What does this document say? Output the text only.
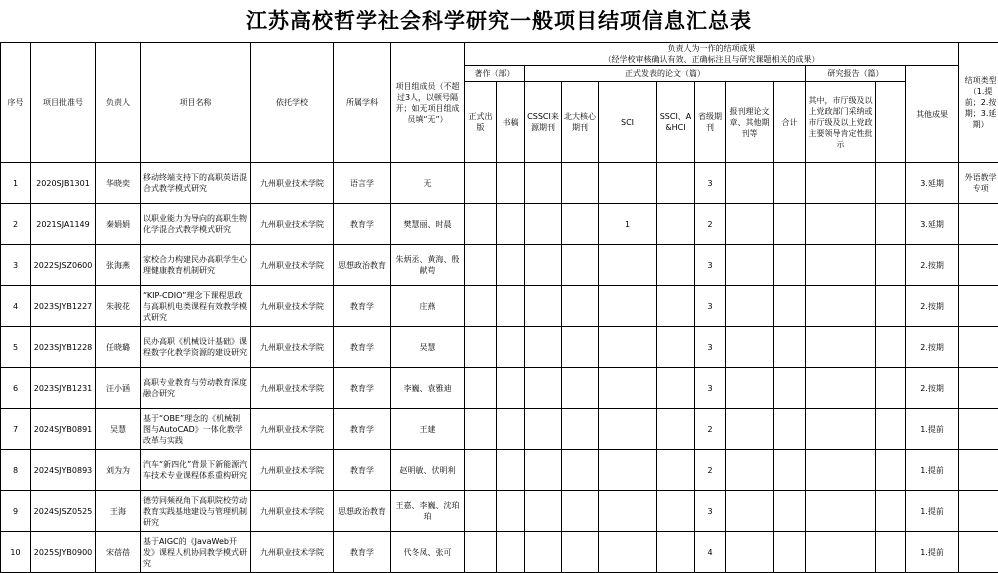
江苏高校哲学社会科学研究一般项目结项信息汇总表
序号	项目批准号	负责人	项目名称	依托学校	所属学科	项目组成员（不超过3人，以顿号隔开；如无项目组成员填“无”）	负责人为一作的结项成果
（经学校审核确认有效、正确标注且与研究课题相关的成果）												结项类型（1.提前；2.按期；3.延期）	
							著作（部）		正式发表的论文（篇）							研究报告（篇）		其他成果		
							正式出版	书稿	CSSCI来源期刊	北大核心期刊	SCI	SSCI、A&HCI	省级期刊	报刊理论文章、其他期刊等	合计	其中，市厅级及以上党政部门采纳或市厅级及以上党政主要领导肯定性批示				

1	2020SJB1301	华晓奕	移动终端支持下的高职英语混合式教学模式研究	九州职业技术学院	语言学	无							3					3.延期	外语教学专项	
2	2021SJA1149	秦娟娟	以职业能力为导向的高职生物化学混合式教学模式研究	九州职业技术学院	教育学	樊慧丽、时晨					1		2					3.延期		
3	2022SJSZ0600	张海燕	家校合力构建民办高职学生心理健康教育机制研究	九州职业技术学院	思想政治教育	朱炳丞、黄海、殷献苟							3					2.按期		
4	2023SJYB1227	朱骏花	“KIP-CDIO”理念下课程思政与高职机电类课程有效教学模式研究	九州职业技术学院	教育学	庄燕							3					2.按期		
5	2023SJYB1228	任晓璐	民办高职《机械设计基础》课程数字化教学资源的建设研究	九州职业技术学院	教育学	吴慧							3					2.按期		
6	2023SJYB1231	汪小涵	高职专业教育与劳动教育深度融合研究	九州职业技术学院	教育学	李巍、袁雅迪							3					2.按期		
7	2024SJYB0891	吴慧	基于“OBE”理念的《机械制图与AutoCAD》一体化教学改革与实践	九州职业技术学院	教育学	王建							2					1.提前		
8	2024SJYB0893	刘为为	汽车“新四化”背景下新能源汽车技术专业课程体系重构研究	九州职业技术学院	教育学	赵明敏、伏明利							2					1.提前		
9	2024SJSZ0525	王海	德劳同频视角下高职院校劳动教育实践基地建设与管理机制研究	九州职业技术学院	思想政治教育	王嘉、李巍、沈珀珀							3					1.提前		
10	2025SJYB0900	宋蓓蓓	基于AIGC的《JavaWeb开发》课程人机协同教学模式研究	九州职业技术学院	教育学	代冬凤、张可							4					1.提前		
